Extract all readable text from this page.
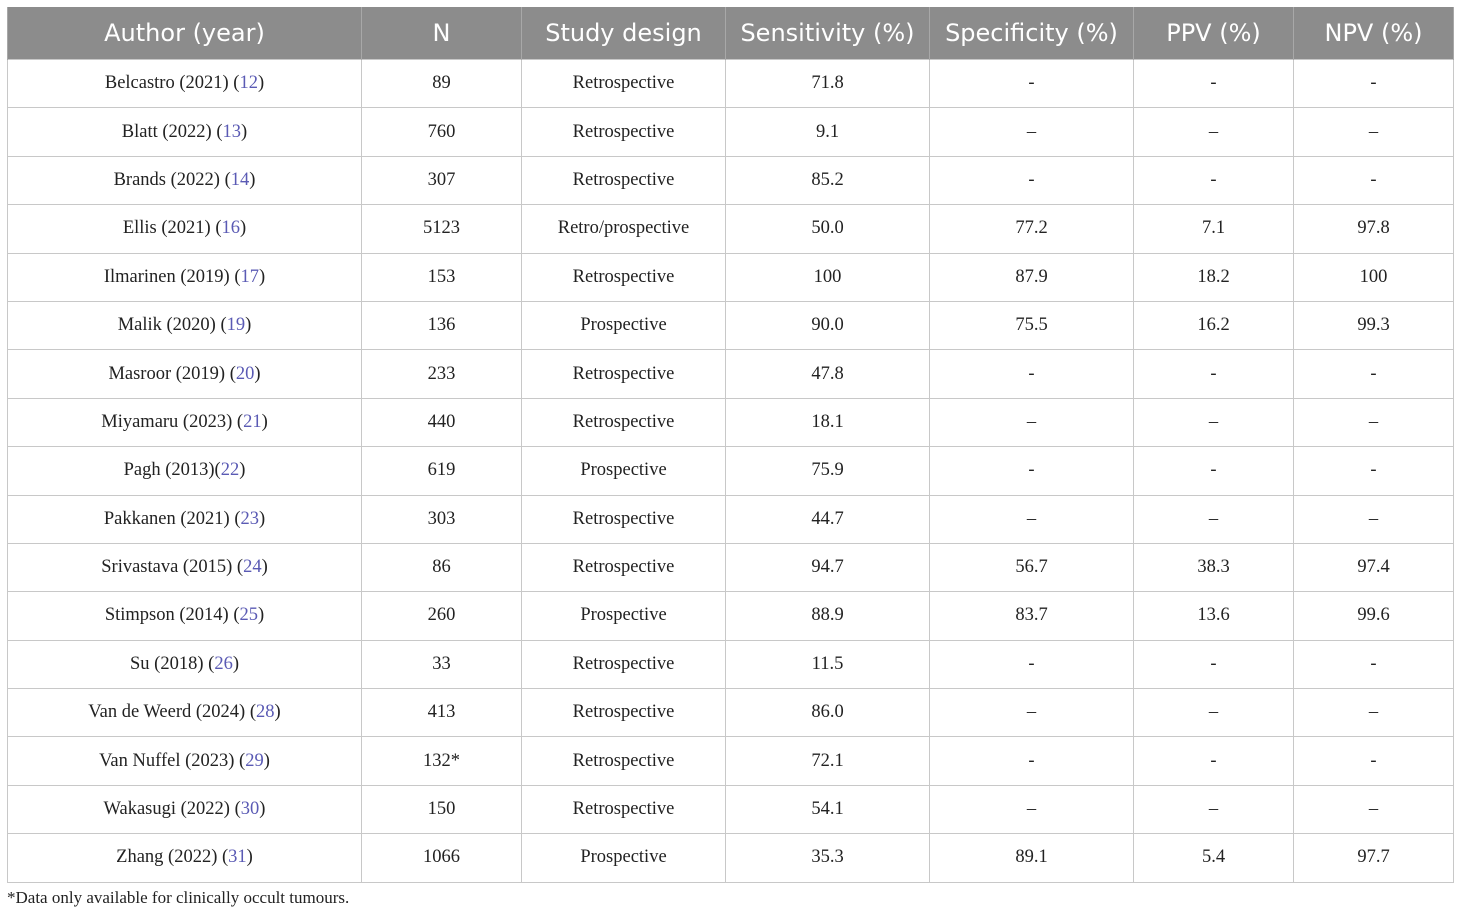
Author (year)	N	Study design	Sensitivity (%)	Specificity (%)	PPV (%)	NPV (%)
Belcastro (2021) (12)	89	Retrospective	71.8	-	-	-
Blatt (2022) (13)	760	Retrospective	9.1	–	–	–
Brands (2022) (14)	307	Retrospective	85.2	-	-	-
Ellis (2021) (16)	5123	Retro/prospective	50.0	77.2	7.1	97.8
Ilmarinen (2019) (17)	153	Retrospective	100	87.9	18.2	100
Malik (2020) (19)	136	Prospective	90.0	75.5	16.2	99.3
Masroor (2019) (20)	233	Retrospective	47.8	-	-	-
Miyamaru (2023) (21)	440	Retrospective	18.1	–	–	–
Pagh (2013)(22)	619	Prospective	75.9	-	-	-
Pakkanen (2021) (23)	303	Retrospective	44.7	–	–	–
Srivastava (2015) (24)	86	Retrospective	94.7	56.7	38.3	97.4
Stimpson (2014) (25)	260	Prospective	88.9	83.7	13.6	99.6
Su (2018) (26)	33	Retrospective	11.5	-	-	-
Van de Weerd (2024) (28)	413	Retrospective	86.0	–	–	–
Van Nuffel (2023) (29)	132*	Retrospective	72.1	-	-	-
Wakasugi (2022) (30)	150	Retrospective	54.1	–	–	–
Zhang (2022) (31)	1066	Prospective	35.3	89.1	5.4	97.7
*Data only available for clinically occult tumours.
